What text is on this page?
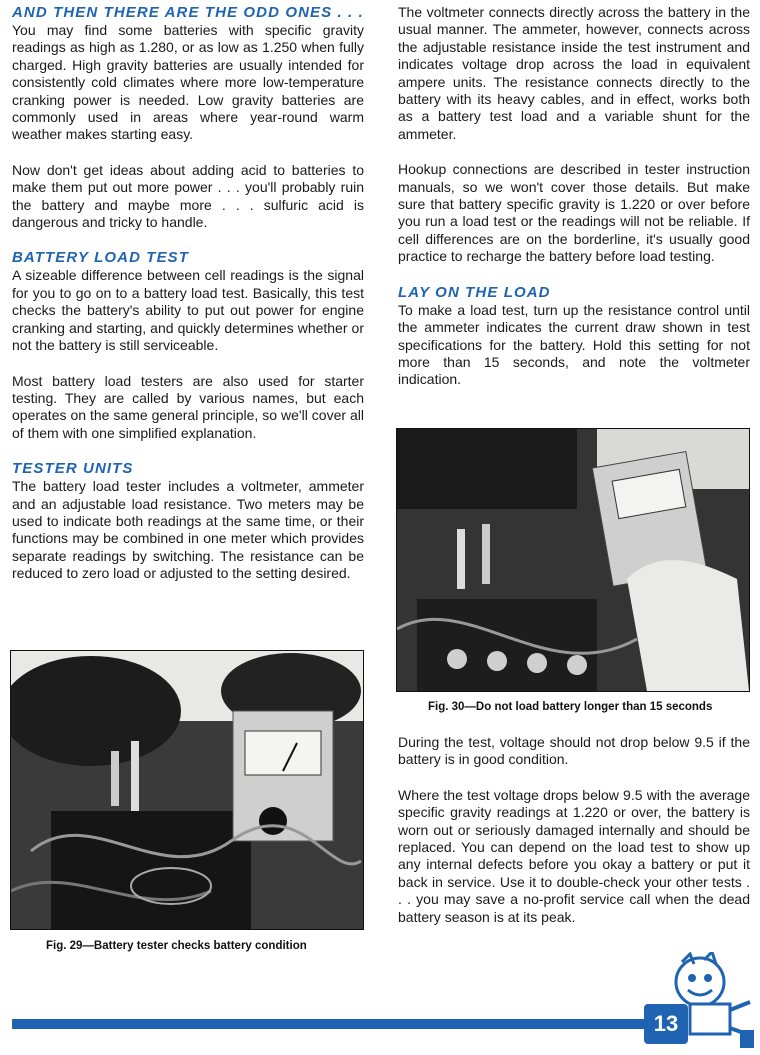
AND THEN THERE ARE THE ODD ONES . . .

You may find some batteries with specific gravity readings as high as 1.280, or as low as 1.250 when fully charged. High gravity batteries are usually intended for consistently cold climates where more low-temperature cranking power is needed. Low gravity batteries are commonly used in areas where year-round warm weather makes starting easy.

Now don't get ideas about adding acid to batteries to make them put out more power . . . you'll probably ruin the battery and maybe more . . . sulfuric acid is dangerous and tricky to handle.

BATTERY LOAD TEST

A sizeable difference between cell readings is the signal for you to go on to a battery load test. Basically, this test checks the battery's ability to put out power for engine cranking and starting, and quickly determines whether or not the battery is still serviceable.

Most battery load testers are also used for starter testing. They are called by various names, but each operates on the same general principle, so we'll cover all of them with one simplified explanation.

TESTER UNITS

The battery load tester includes a voltmeter, ammeter and an adjustable load resistance. Two meters may be used to indicate both readings at the same time, or their functions may be combined in one meter which provides separate readings by switching. The resistance can be reduced to zero load or adjusted to the setting desired.

Fig. 29—Battery tester checks battery condition

The voltmeter connects directly across the battery in the usual manner. The ammeter, however, connects across the adjustable resistance inside the test instrument and indicates voltage drop across the load in equivalent ampere units. The resistance connects directly to the battery with its heavy cables, and in effect, works both as a battery test load and a variable shunt for the ammeter.

Hookup connections are described in tester instruction manuals, so we won't cover those details. But make sure that battery specific gravity is 1.220 or over before you run a load test or the readings will not be reliable. If cell differences are on the borderline, it's usually good practice to recharge the battery before load testing.

LAY ON THE LOAD

To make a load test, turn up the resistance control until the ammeter indicates the current draw shown in test specifications for the battery. Hold this setting for not more than 15 seconds, and note the voltmeter indication.

Fig. 30—Do not load battery longer than 15 seconds

During the test, voltage should not drop below 9.5 if the battery is in good condition.

Where the test voltage drops below 9.5 with the average specific gravity readings at 1.220 or over, the battery is worn out or seriously damaged internally and should be replaced. You can depend on the load test to show up any internal defects before you okay a battery or put it back in service. Use it to double-check your other tests . . . you may save a no-profit service call when the dead battery season is at its peak.

13
